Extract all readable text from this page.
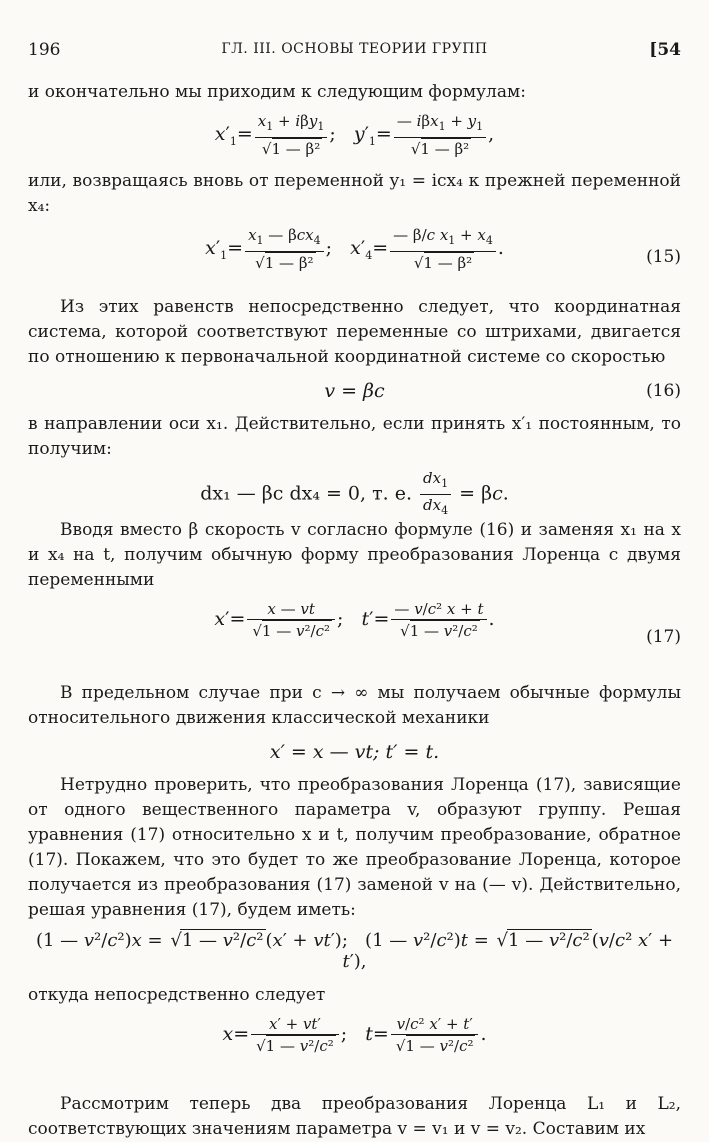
196	ГЛ. III. ОСНОВЫ ТЕОРИИ ГРУПП	[54

и окончательно мы приходим к следующим формулам:

$x'_1= x_1 + i\beta y_1$
√ 1 — β² ;   $y'_1=$ — $i\beta x_1 + y_1$
√ 1 — β² ,

или, возвращаясь вновь от переменной y₁ = icx₄ к прежней переменной x₄:

$x'_1= x_1$ — βcx$_4$
√ 1 — β² ;   $x'_4=$ — β/c $x_1 + x_4$
√ 1 — β² .	(15)

Из этих равенств непосредственно следует, что координатная система, которой соответствуют переменные со штрихами, двигается по отношению к первоначальной координатной системе со скоростью

v = βc	(16)

в направлении оси x₁. Действительно, если принять x′₁ постоянным, то получим:

dx₁ — βc dx₄ = 0, т. е. $\frac{dx_1}{dx_4} = \beta c$.

Вводя вместо β скорость v согласно формуле (16) и заменяя x₁ на x и x₄ на t, получим обычную форму преобразования Лоренца с двумя переменными

x′= x — vt
√ 1 — v²/c² ;   t′= — v/c² x + t
√ 1 — v²/c² .
(17)

В предельном случае при c → ∞ мы получаем обычные формулы относительного движения классической механики

x′ = x — vt; t′ = t.

Нетрудно проверить, что преобразования Лоренца (17), зависящие от одного вещественного параметра v, образуют группу. Решая уравнения (17) относительно x и t, получим преобразование, обратное (17). Покажем, что это будет то же преобразование Лоренца, которое получается из преобразования (17) заменой v на (— v). Действительно, решая уравнения (17), будем иметь:

(1 — v²/c²)x = √ 1 — v²/c² (x′ + vt′);   (1 — v²/c²)t = √ 1 — v²/c² (v/c² x′ + t′),

откуда непосредственно следует

x= x′ + vt′
√ 1 — v²/c² ;   t= v/c² x′ + t′
√ 1 — v²/c² .

Рассмотрим теперь два преобразования Лоренца L₁ и L₂, соответствующих значениям параметра v = v₁ и v = v₂. Составим их
